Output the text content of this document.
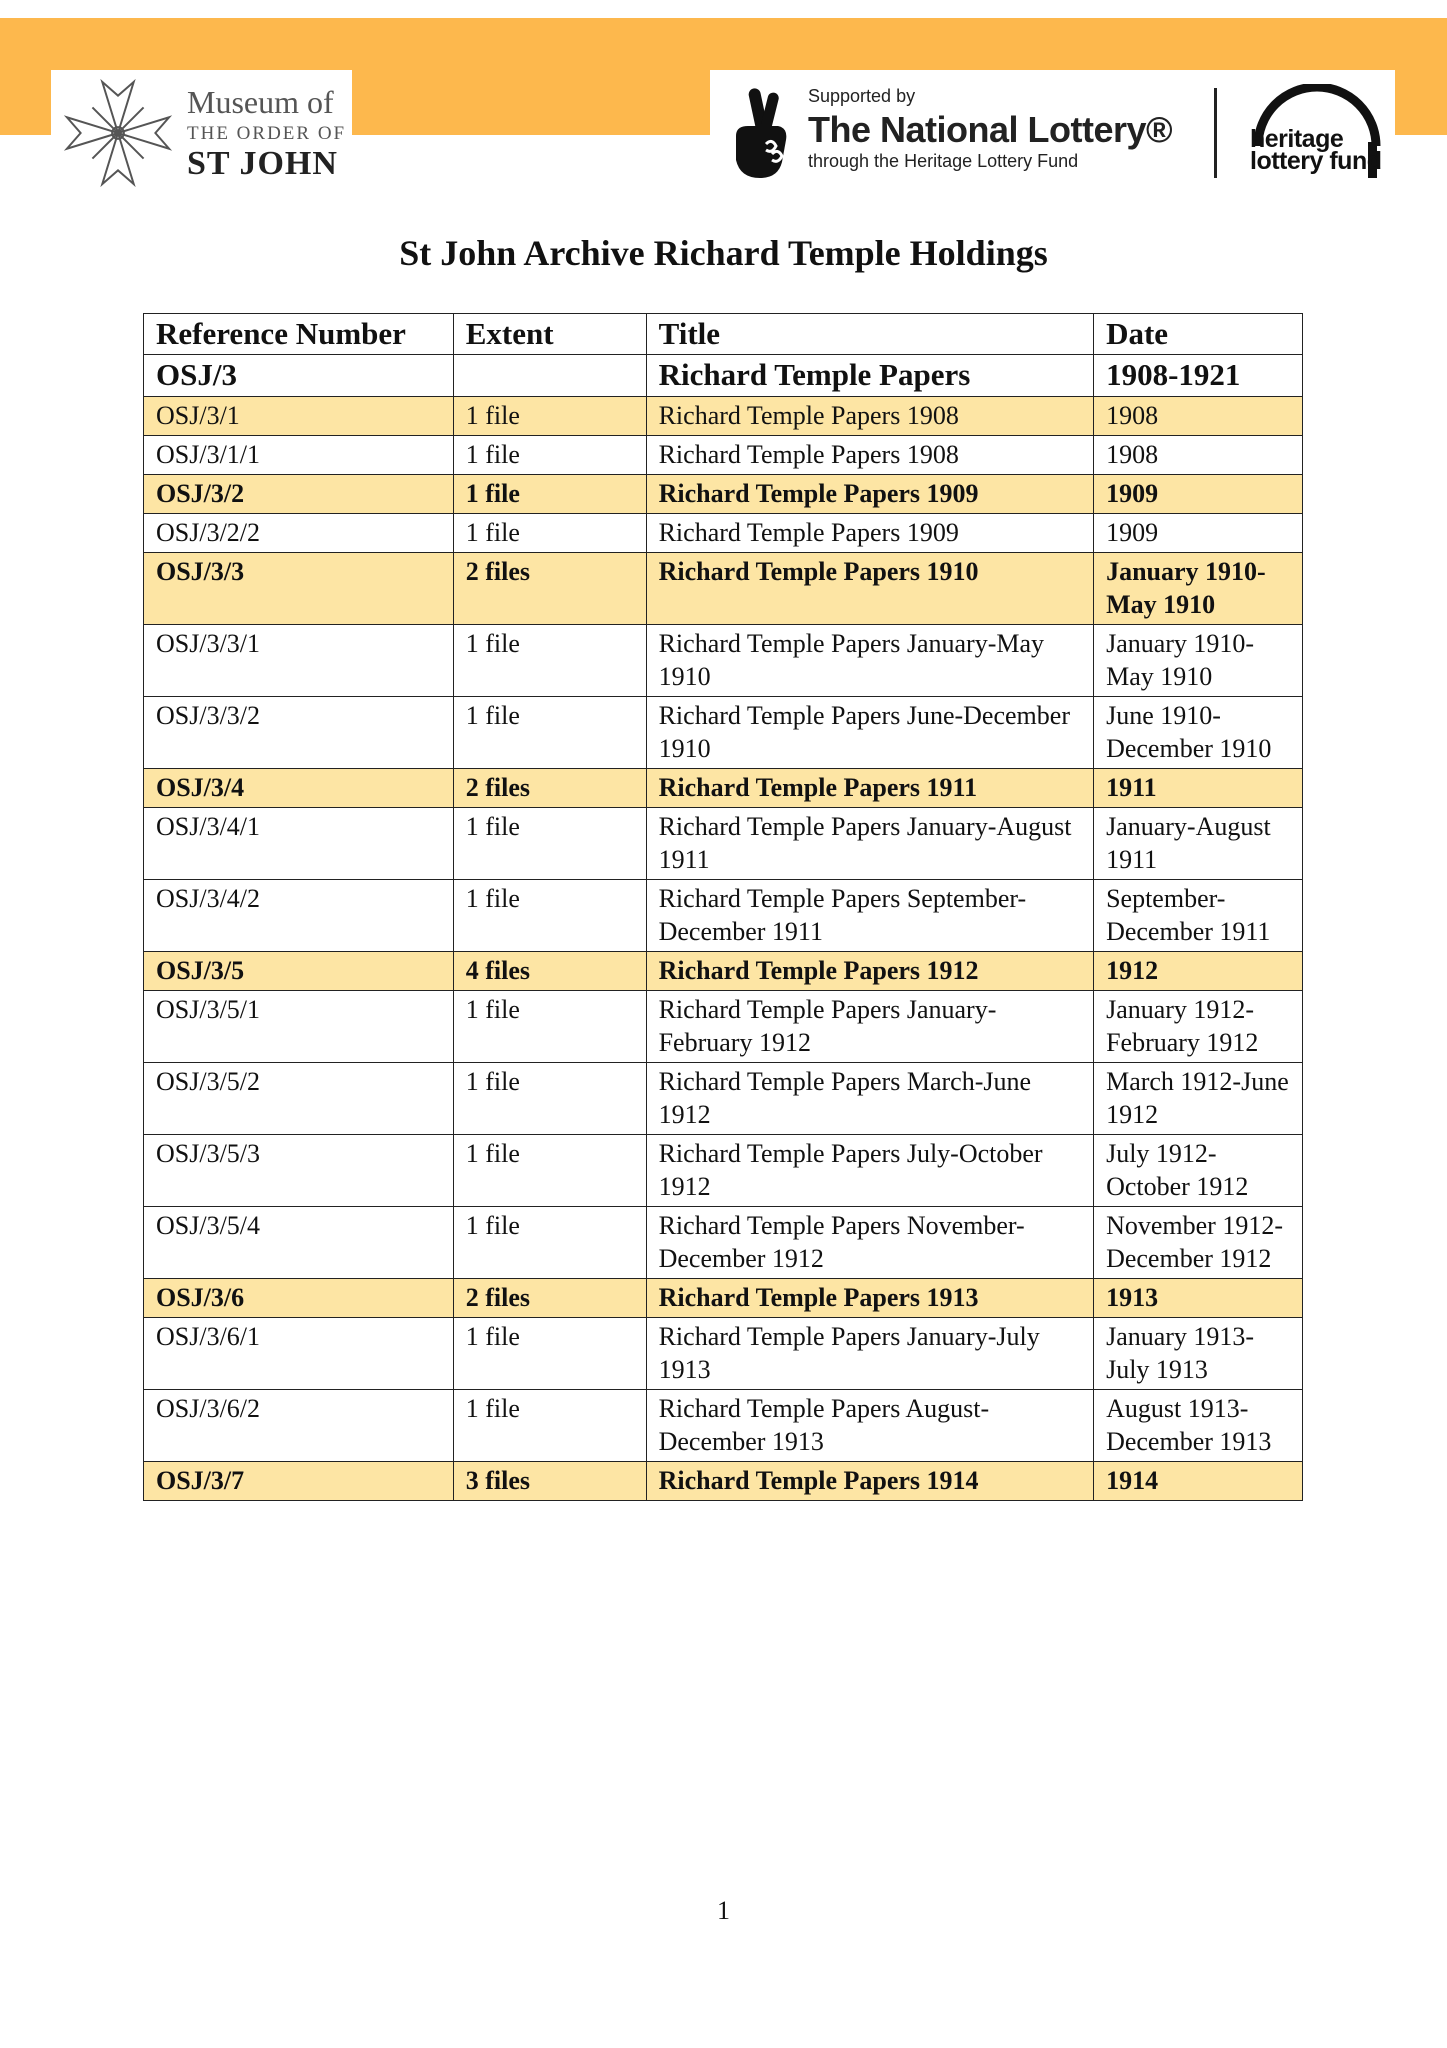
Museum of
THE ORDER OF
ST JOHN
Supported by
The National Lottery®
through the Heritage Lottery Fund
heritage
lottery fund
St John Archive Richard Temple Holdings
Reference Number	Extent	Title	Date
OSJ/3		Richard Temple Papers	1908-1921
OSJ/3/1	1 file	Richard Temple Papers 1908	1908
OSJ/3/1/1	1 file	Richard Temple Papers 1908	1908
OSJ/3/2	1 file	Richard Temple Papers 1909	1909
OSJ/3/2/2	1 file	Richard Temple Papers 1909	1909
OSJ/3/3	2 files	Richard Temple Papers 1910	January 1910-May 1910
OSJ/3/3/1	1 file	Richard Temple Papers January-May 1910	January 1910-May 1910
OSJ/3/3/2	1 file	Richard Temple Papers June-December 1910	June 1910-December 1910
OSJ/3/4	2 files	Richard Temple Papers 1911	1911
OSJ/3/4/1	1 file	Richard Temple Papers January-August 1911	January-August 1911
OSJ/3/4/2	1 file	Richard Temple Papers September-December 1911	September-December 1911
OSJ/3/5	4 files	Richard Temple Papers 1912	1912
OSJ/3/5/1	1 file	Richard Temple Papers January-February 1912	January 1912-February 1912
OSJ/3/5/2	1 file	Richard Temple Papers March-June 1912	March 1912-June 1912
OSJ/3/5/3	1 file	Richard Temple Papers July-October 1912	July 1912-October 1912
OSJ/3/5/4	1 file	Richard Temple Papers November-December 1912	November 1912-December 1912
OSJ/3/6	2 files	Richard Temple Papers 1913	1913
OSJ/3/6/1	1 file	Richard Temple Papers January-July 1913	January 1913-July 1913
OSJ/3/6/2	1 file	Richard Temple Papers August-December 1913	August 1913-December 1913
OSJ/3/7	3 files	Richard Temple Papers 1914	1914
1
